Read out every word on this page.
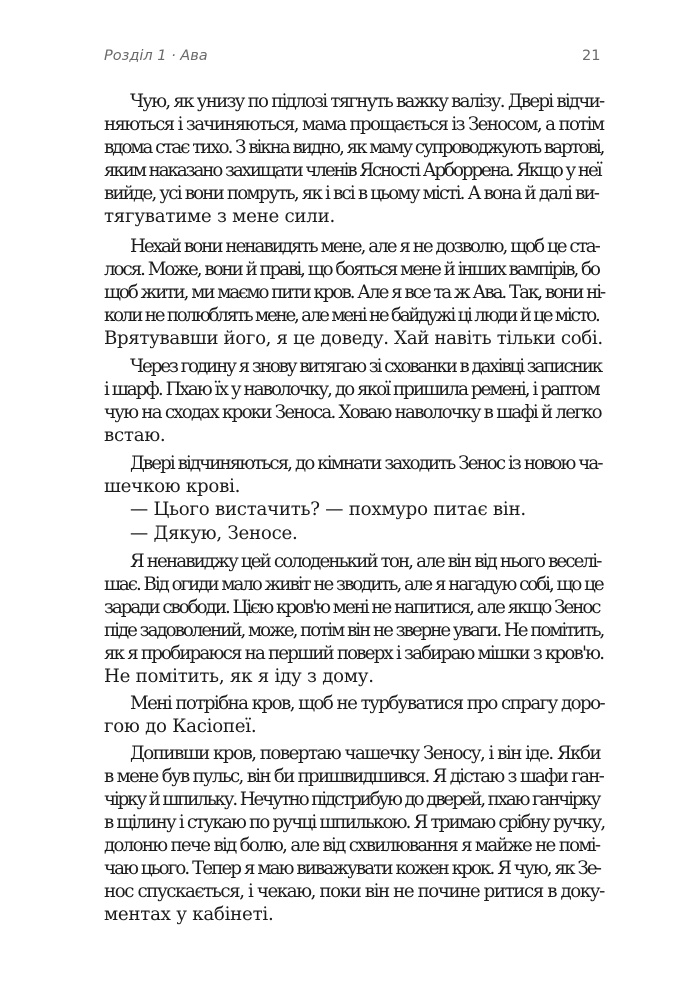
Розділ 1 · Ава	21
Чую, як унизу по підлозі тягнуть важку валізу. Двері відчи-
няються і зачиняються, мама прощається із Зеносом, а потім
вдома стає тихо. З вікна видно, як маму супроводжують вартові,
яким наказано захищати членів Ясності Арборрена. Якщо у неї
вийде, усі вони помруть, як і всі в цьому місті. А вона й далі ви-
тягуватиме з мене сили.
Нехай вони ненавидять мене, але я не дозволю, щоб це ста-
лося. Може, вони й праві, що бояться мене й інших вампірів, бо
щоб жити, ми маємо пити кров. Але я все та ж Ава. Так, вони ні-
коли не полюблять мене, але мені не байдужі ці люди й це місто.
Врятувавши його, я це доведу. Хай навіть тільки собі.
Через годину я знову витягаю зі схованки в дахівці записник
і шарф. Пхаю їх у наволочку, до якої пришила ремені, і раптом
чую на сходах кроки Зеноса. Ховаю наволочку в шафі й легко
встаю.
Двері відчиняються, до кімнати заходить Зенос із новою ча-
шечкою крові.
— Цього вистачить? — похмуро питає він.
— Дякую, Зеносе.
Я ненавиджу цей солоденький тон, але він від нього веселі-
шає. Від огиди мало живіт не зводить, але я нагадую собі, що це
заради свободи. Цією кров'ю мені не напитися, але якщо Зенос
піде задоволений, може, потім він не зверне уваги. Не помітить,
як я пробираюся на перший поверх і забираю мішки з кров'ю.
Не помітить, як я іду з дому.
Мені потрібна кров, щоб не турбуватися про спрагу доро-
гою до Касіопеї.
Допивши кров, повертаю чашечку Зеносу, і він іде. Якби
в мене був пульс, він би пришвидшився. Я дістаю з шафи ган-
чірку й шпильку. Нечутно підстрибую до дверей, пхаю ганчірку
в щілину і стукаю по ручці шпилькою. Я тримаю срібну ручку,
долоню пече від болю, але від схвилювання я майже не помі-
чаю цього. Тепер я маю виважувати кожен крок. Я чую, як Зе-
нос спускається, і чекаю, поки він не почине ритися в доку-
ментах у кабінеті.
